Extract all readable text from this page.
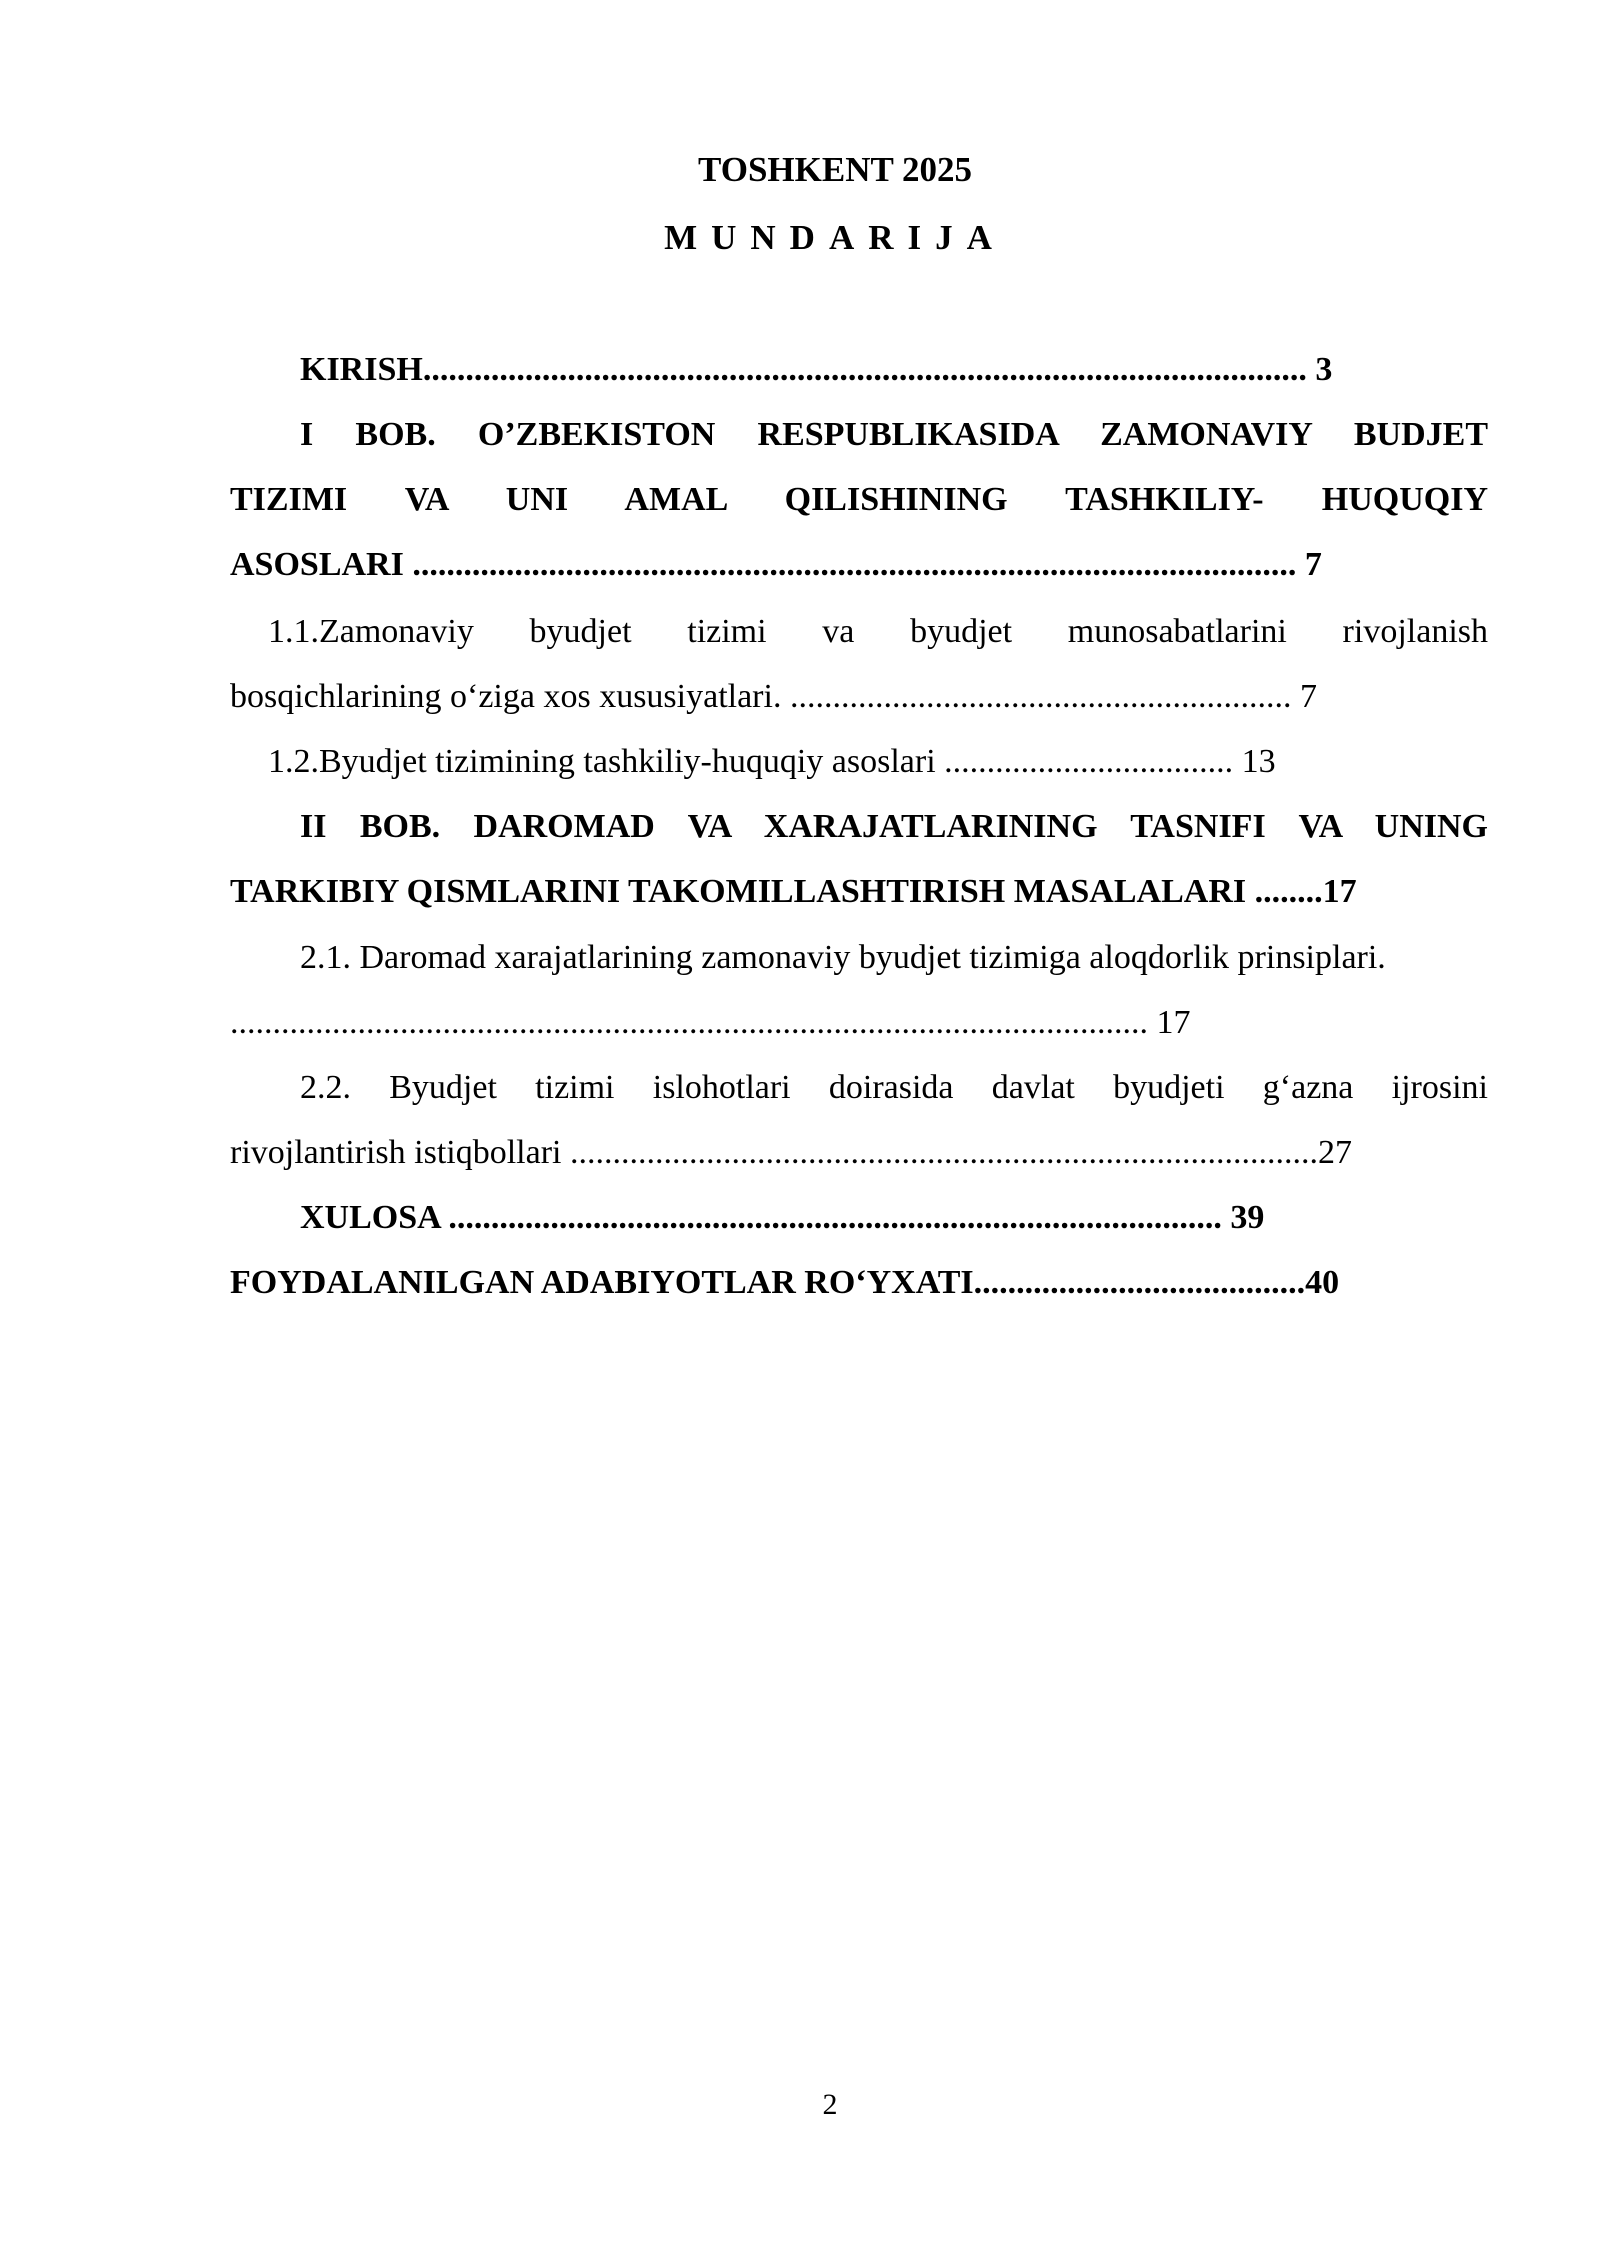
TOSHKENT 2025
MUNDARIJA
KIRISH........................................................................................................ 3
I BOB. O’ZBEKISTON RESPUBLIKASIDA ZAMONAVIY BUDJET
TIZIMI VA UNI AMAL QILISHINING TASHKILIY- HUQUQIY
ASOSLARI ........................................................................................................ 7
1.1.Zamonaviy byudjet tizimi va byudjet munosabatlarini rivojlanish
bosqichlarining o‘ziga xos xususiyatlari. ........................................................... 7
1.2.Byudjet tizimining tashkiliy-huquqiy asoslari .................................. 13
II BOB. DAROMAD VA XARAJATLARINING TASNIFI VA UNING
TARKIBIY QISMLARINI TAKOMILLASHTIRISH MASALALARI ........17
2.1. Daromad xarajatlarining zamonaviy byudjet tizimiga aloqdorlik prinsiplari.
............................................................................................................ 17
2.2. Byudjet tizimi islohotlari doirasida davlat byudjeti g‘azna ijrosini
rivojlantirish istiqbollari ........................................................................................27
XULOSA ........................................................................................... 39
FOYDALANILGAN ADABIYOTLAR RO‘YXATI.......................................40
2
